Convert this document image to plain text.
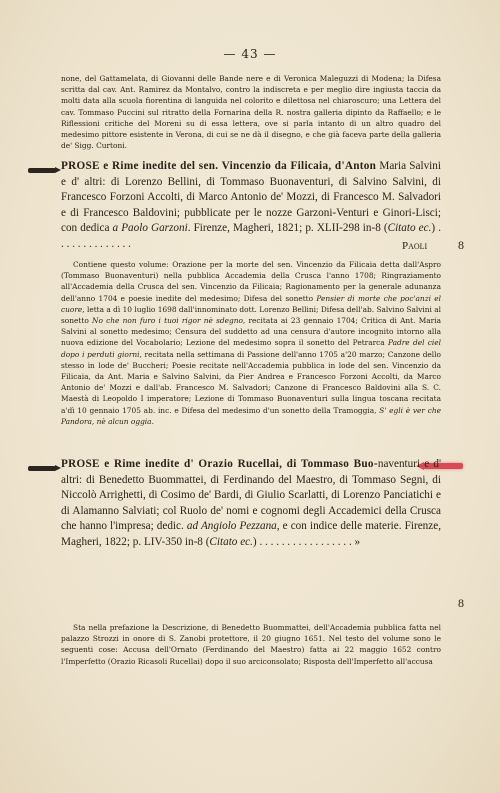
— 43 —

none, del Gattamelata, di Giovanni delle Bande nere e di Veronica Maleguzzi di Modena; la Difesa scritta dal cav. Ant. Ramirez da Montalvo, contro la indiscreta e per meglio dire ingiusta taccia da molti data alla scuola fiorentina di languida nel colorito e dilettosa nel chiaroscuro; una Lettera del cav. Tommaso Puccini sul ritratto della Fornarina della R. nostra galleria dipinto da Raffaello; e le Riflessioni critiche del Moreni su di essa lettera, ove si parla intanto di un altro quadro del medesimo pittore esistente in Verona, di cui se ne dà il disegno, e che già faceva parte della galleria de' Sigg. Curtoni.

PROSE e Rime inedite del sen. Vincenzio da Filicaia, d'Anton Maria Salvini e d' altri: di Lorenzo Bellini, di Tommaso Buonaventuri, di Salvino Salvini, di Francesco Forzoni Accolti, di Marco Antonio de' Mozzi, di Francesco M. Salvadori e di Francesco Baldovini; pubblicate per le nozze Garzoni-Venturi e Ginori-Lisci; con dedica a Paolo Garzoni. Firenze, Magheri, 1821; p. XLII-298 in-8 (Citato ec.) . . . . . . . . . . . . . .	Paoli	8

Contiene questo volume: Orazione per la morte del sen. Vincenzio da Filicaia detta dall'Aspro (Tommaso Buonaventuri) nella pubblica Accademia della Crusca l'anno 1708; Ringraziamento all'Accademia della Crusca del sen. Vincenzio da Filicaia; Ragionamento per la generale adunanza dell'anno 1704 e poesie inedite del medesimo; Difesa del sonetto Pensier di morte che poc'anzi el cuore, letta a dì 10 luglio 1698 dall'innominato dott. Lorenzo Bellini; Difesa dell'ab. Salvino Salvini al sonetto No che non furo i tuoi rigor nè sdegno, recitata ai 23 gennaio 1704; Critica di Ant. Maria Salvini al sonetto medesimo; Censura del suddetto ad una censura d'autore incognito intorno alla nuova edizione del Vocabolario; Lezione del medesimo sopra il sonetto del Petrarca Padre del ciel dopo i perduti giorni, recitata nella settimana di Passione dell'anno 1705 a'20 marzo; Canzone dello stesso in lode de' Buccheri; Poesie recitate nell'Accademia pubblica in lode del sen. Vincenzio da Filicaia, da Ant. Maria e Salvino Salvini, da Pier Andrea e Francesco Forzoni Accolti, da Marco Antonio de' Mozzi e dall'ab. Francesco M. Salvadori; Canzone di Francesco Baldovini alla S. C. Maestà di Leopoldo I imperatore; Lezione di Tommaso Buonaventuri sulla lingua toscana recitata a'dì 10 gennaio 1705 ab. inc. e Difesa del medesimo d'un sonetto della Tramoggia, S' egli è ver che Pandora, nè alcun oggia.

PROSE e Rime inedite d' Orazio Rucellai, di Tommaso Buo-naventuri e d' altri: di Benedetto Buommattei, di Ferdinando del Maestro, di Tommaso Segni, di Niccolò Arrighetti, di Cosimo de' Bardi, di Giulio Scarlatti, di Lorenzo Panciatichi e di Alamanno Salviati; col Ruolo de' nomi e cognomi degli Accademici della Crusca che hanno l'impresa; dedic. ad Angiolo Pezzana, e con indice delle materie. Firenze, Magheri, 1822; p. LIV-350 in-8 (Citato ec.) . . . . . . . . . . . . . . . . . »

8

Sta nella prefazione la Descrizione, di Benedetto Buommattei, dell'Accademia pubblica fatta nel palazzo Strozzi in onore di S. Zanobi protettore, il 20 giugno 1651. Nel testo del volume sono le seguenti cose: Accusa dell'Ornato (Ferdinando del Maestro) fatta ai 22 maggio 1652 contro l'Imperfetto (Orazio Ricasoli Rucellai) dopo il suo arciconsolato; Risposta dell'Imperfetto all'accusa
